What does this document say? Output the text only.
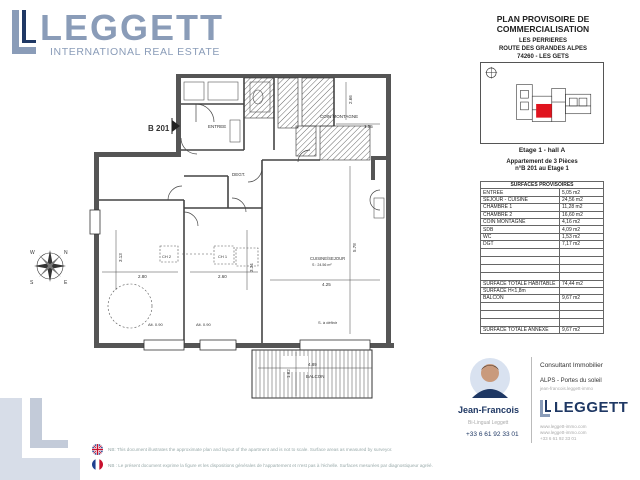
LEGGETT
INTERNATIONAL REAL ESTATE
PLAN PROVISOIRE DE
COMMERCIALISATION
LES PERRIERES
ROUTE DES GRANDES ALPES
74260 - LES GETS
Etage 1 - hall A
Appartement de 3 Pièces
n°B 201 au Etage 1
SURFACES PROVISOIRES	
ENTREE	5,05 m2
SEJOUR - CUISINE	24,56 m2
CHAMBRE 1	11,28 m2
CHAMBRE 2	16,60 m2
COIN MONTAGNE	4,16 m2
SDB	4,09 m2
WC	1,53 m2
DGT	7,17 m2

SURFACE TOTALE HABITABLE	74,44 m2
SURFACE H<1,8m	
BALCON	9,67 m2

SURFACE TOTALE ANNEXE	9,67 m2
B 201	ENTREE
COIN MONTAGNE
DEGT.
CH 2	CH 1	CUISINE/SEJOUR
S : 24.56 m²
BALCON
Alt. 0.90	Alt. 0.90	S. à définir
2.66
1.55
3.13
2.80	2.60
3.34
4.25
5.78
4.89
1.62
W	N
E
S
Jean-Francois
Bi-Lingual Leggett
+33 6 61 92 33 01
Consultant Immobilier
ALPS - Portes du soleil
jean-francois.leggett-immo
LEGGETT
www.leggett-immo.com
www.leggett-immo.com
+33 6 61 92 33 01
NB: This document illustrates the approximate plan and layout of the apartment and is not to scale. Surface areas as measured by surveyor.
NB : Le présent document exprime la figure et les dispositions générales de l'appartement et n'est pas à l'échelle. Surfaces mesurées par diagnostiqueur agréé.
